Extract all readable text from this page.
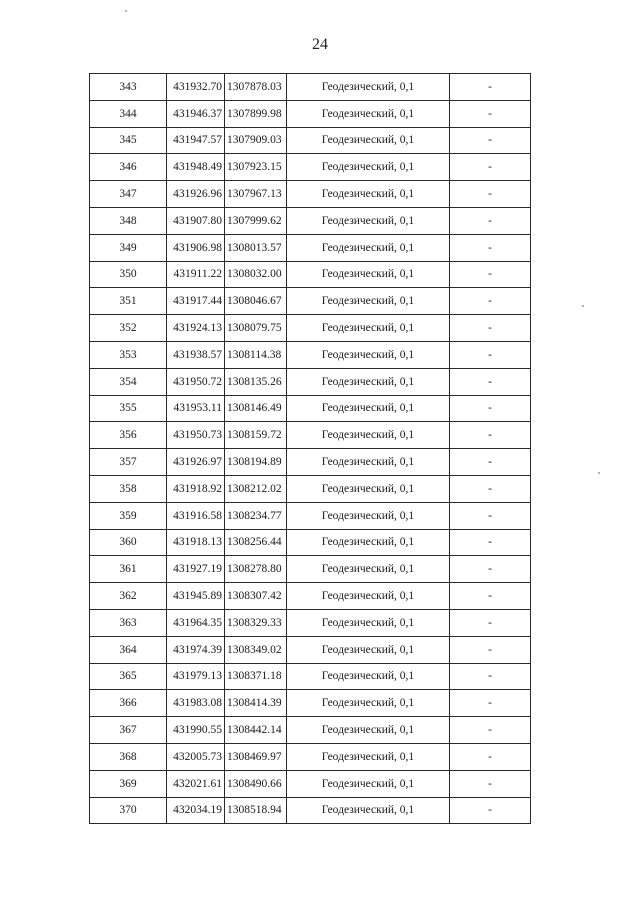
24
343	431932.70	1307878.03	Геодезический, 0,1	-
344	431946.37	1307899.98	Геодезический, 0,1	-
345	431947.57	1307909.03	Геодезический, 0,1	-
346	431948.49	1307923.15	Геодезический, 0,1	-
347	431926.96	1307967.13	Геодезический, 0,1	-
348	431907.80	1307999.62	Геодезический, 0,1	-
349	431906.98	1308013.57	Геодезический, 0,1	-
350	431911.22	1308032.00	Геодезический, 0,1	-
351	431917.44	1308046.67	Геодезический, 0,1	-
352	431924.13	1308079.75	Геодезический, 0,1	-
353	431938.57	1308114.38	Геодезический, 0,1	-
354	431950.72	1308135.26	Геодезический, 0,1	-
355	431953.11	1308146.49	Геодезический, 0,1	-
356	431950.73	1308159.72	Геодезический, 0,1	-
357	431926.97	1308194.89	Геодезический, 0,1	-
358	431918.92	1308212.02	Геодезический, 0,1	-
359	431916.58	1308234.77	Геодезический, 0,1	-
360	431918.13	1308256.44	Геодезический, 0,1	-
361	431927.19	1308278.80	Геодезический, 0,1	-
362	431945.89	1308307.42	Геодезический, 0,1	-
363	431964.35	1308329.33	Геодезический, 0,1	-
364	431974.39	1308349.02	Геодезический, 0,1	-
365	431979.13	1308371.18	Геодезический, 0,1	-
366	431983.08	1308414.39	Геодезический, 0,1	-
367	431990.55	1308442.14	Геодезический, 0,1	-
368	432005.73	1308469.97	Геодезический, 0,1	-
369	432021.61	1308490.66	Геодезический, 0,1	-
370	432034.19	1308518.94	Геодезический, 0,1	-
